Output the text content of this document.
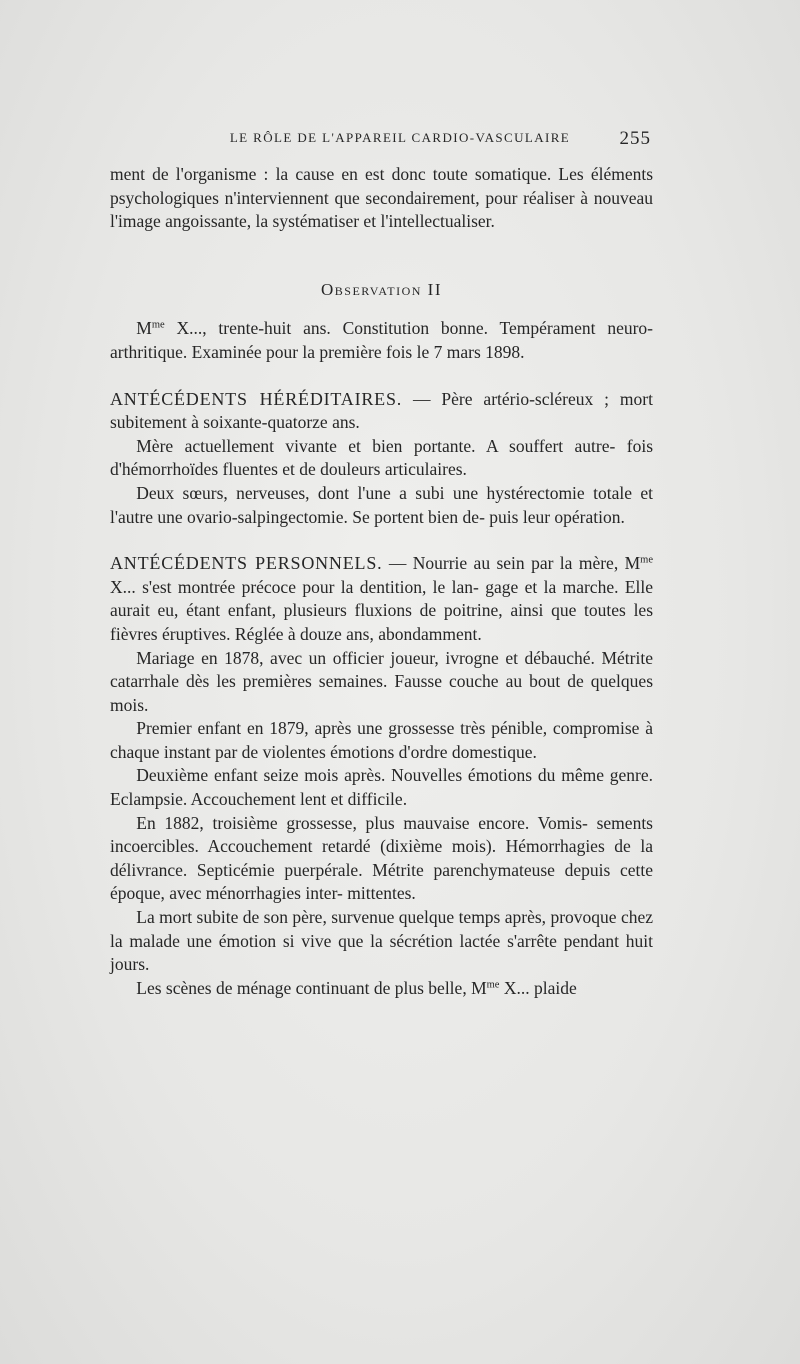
LE RÔLE DE L'APPAREIL CARDIO-VASCULAIRE	255

ment de l'organisme : la cause en est donc toute somatique. Les éléments psychologiques n'interviennent que secondairement, pour réaliser à nouveau l'image angoissante, la systématiser et l'intellectualiser.

Observation II

  $M^{me}$ X..., trente-huit ans. Constitution bonne. Tempérament neuro-arthritique. Examinée pour la première fois le 7 mars 1898.

ANTÉCÉDENTS HÉRÉDITAIRES. — Père artério-scléreux ; mort subitement à soixante-quatorze ans.

  Mère actuellement vivante et bien portante. A souffert autre- fois d'hémorrhoïdes fluentes et de douleurs articulaires.

  Deux sœurs, nerveuses, dont l'une a subi une hystérectomie totale et l'autre une ovario-salpingectomie. Se portent bien de- puis leur opération.

ANTÉCÉDENTS PERSONNELS. — Nourrie au sein par la mère, $M^{me}$ X... s'est montrée précoce pour la dentition, le lan- gage et la marche. Elle aurait eu, étant enfant, plusieurs fluxions de poitrine, ainsi que toutes les fièvres éruptives. Réglée à douze ans, abondamment.

  Mariage en 1878, avec un officier joueur, ivrogne et débauché. Métrite catarrhale dès les premières semaines. Fausse couche au bout de quelques mois.

  Premier enfant en 1879, après une grossesse très pénible, compromise à chaque instant par de violentes émotions d'ordre domestique.

  Deuxième enfant seize mois après. Nouvelles émotions du même genre. Eclampsie. Accouchement lent et difficile.

  En 1882, troisième grossesse, plus mauvaise encore. Vomis- sements incoercibles. Accouchement retardé (dixième mois). Hémorrhagies de la délivrance. Septicémie puerpérale. Métrite parenchymateuse depuis cette époque, avec ménorrhagies inter- mittentes.

  La mort subite de son père, survenue quelque temps après, provoque chez la malade une émotion si vive que la sécrétion lactée s'arrête pendant huit jours.

  Les scènes de ménage continuant de plus belle, $M^{me}$ X... plaide
